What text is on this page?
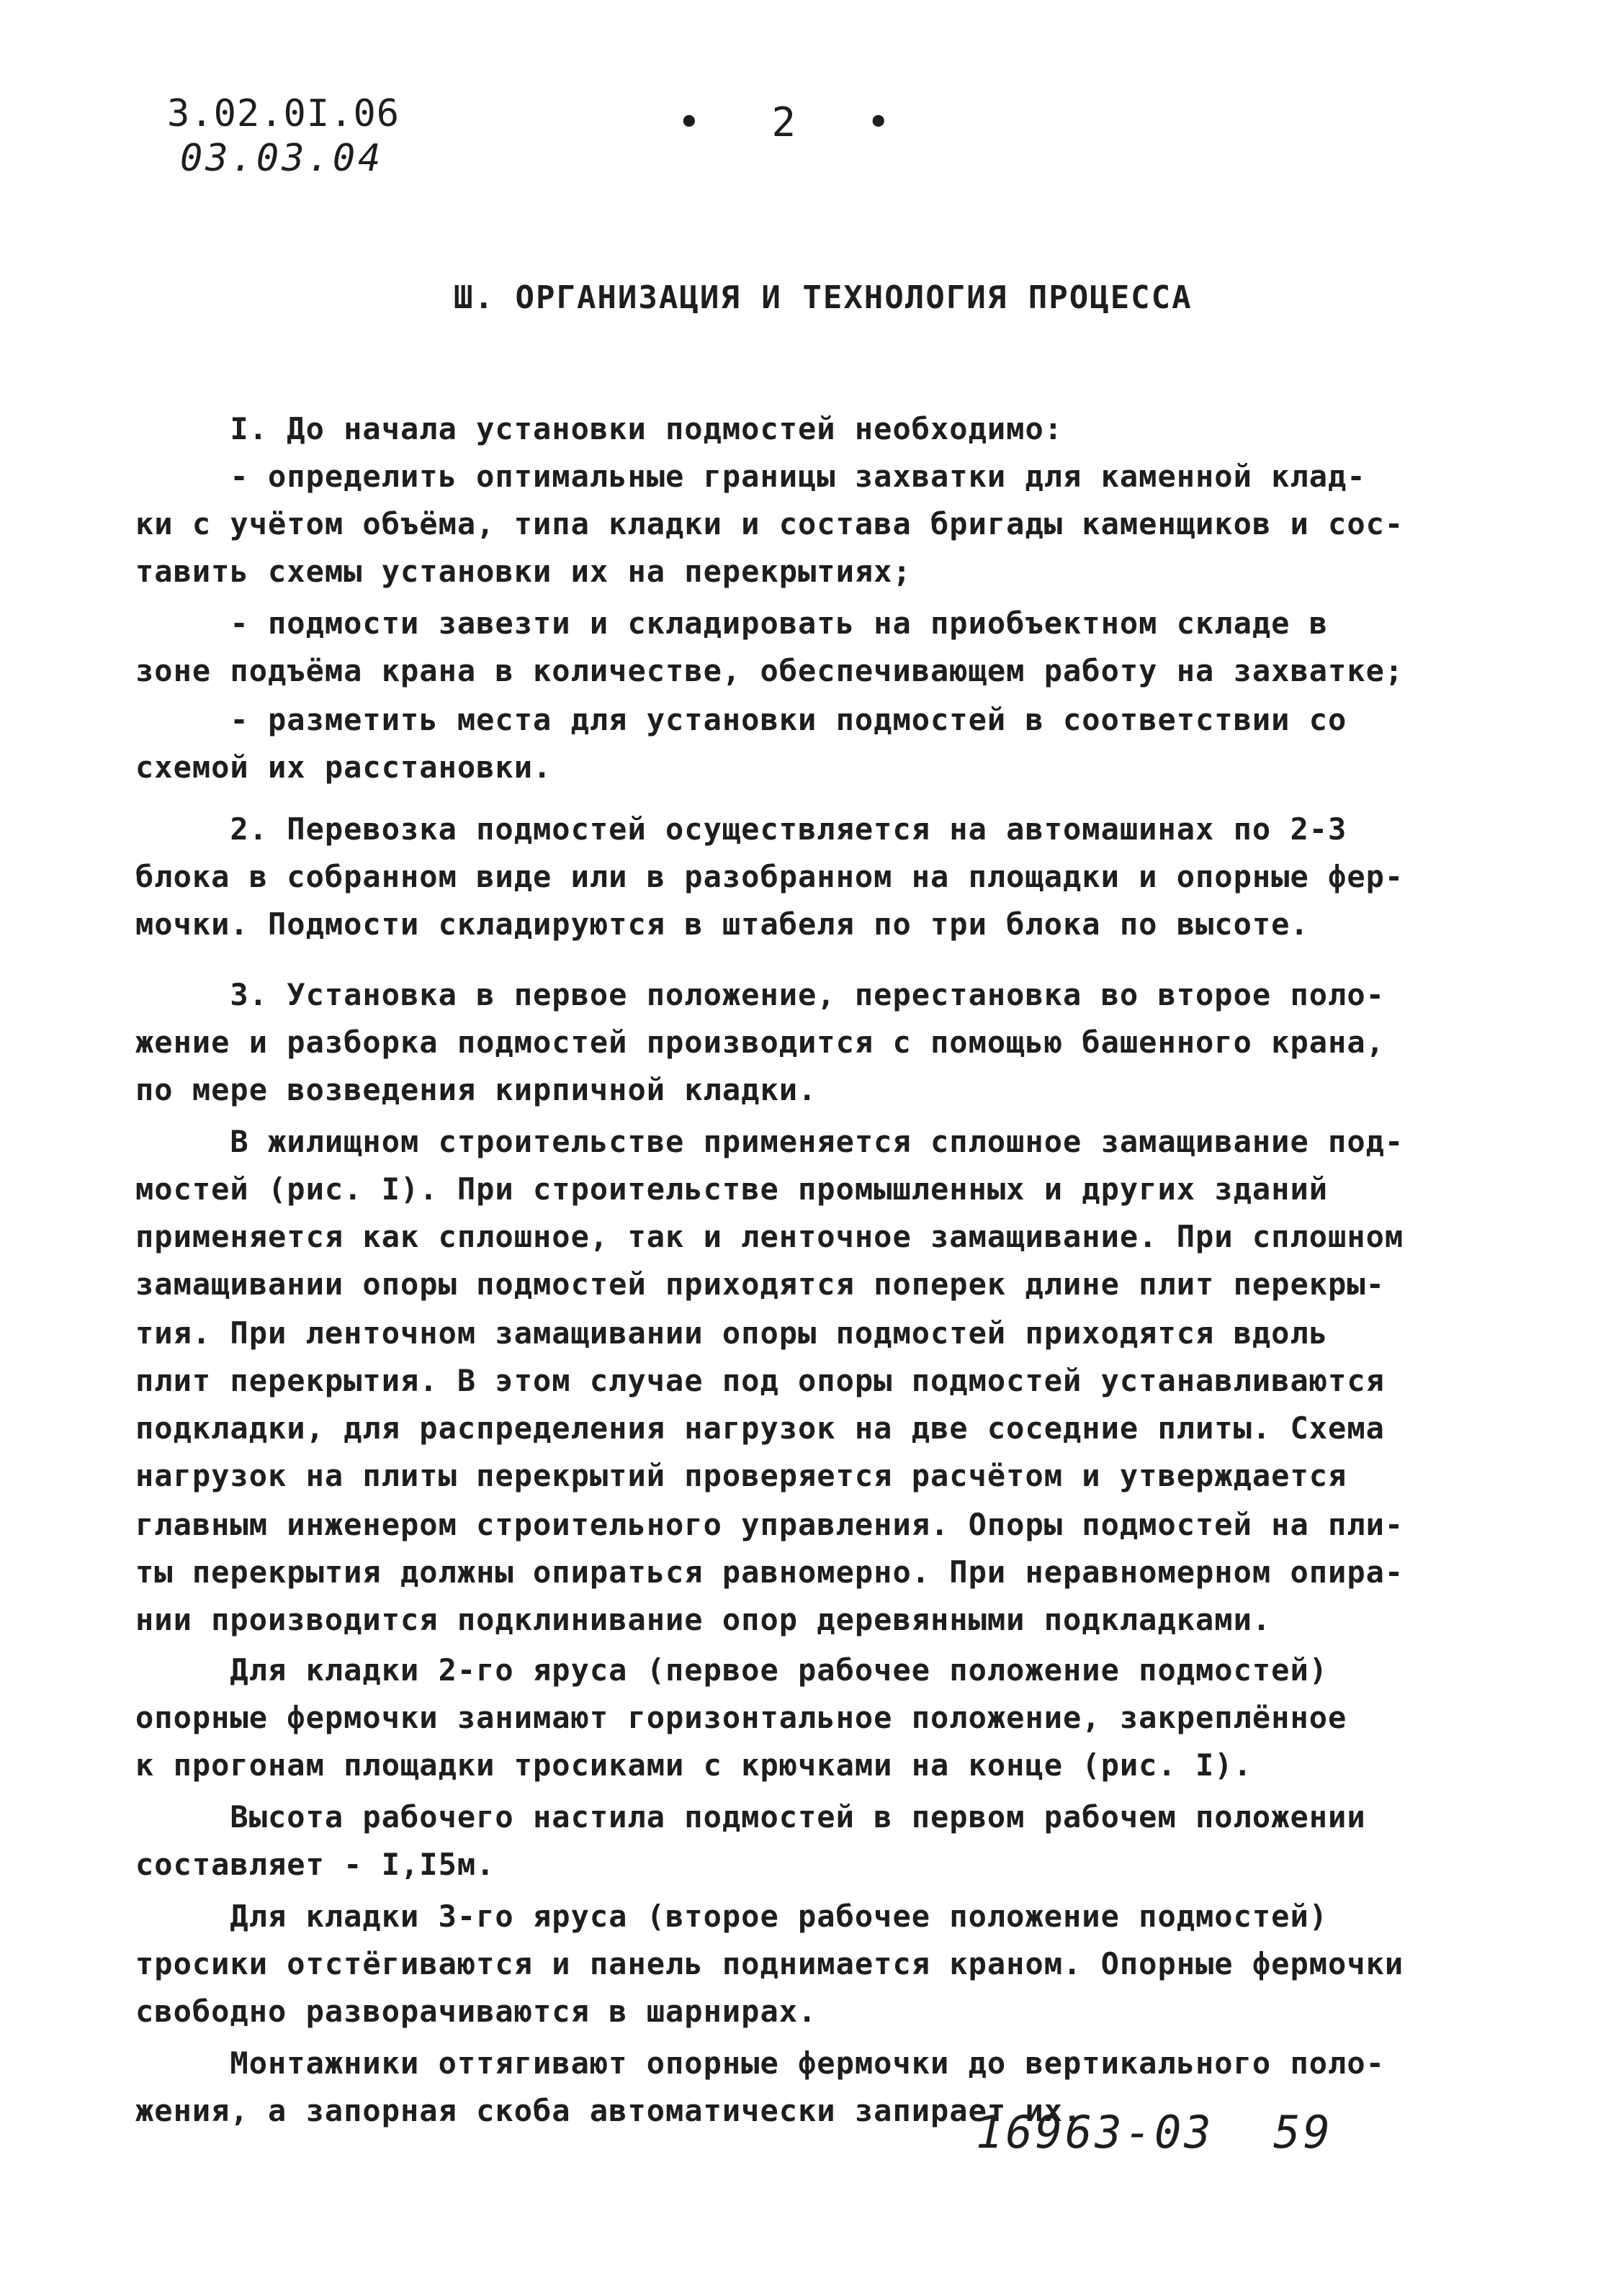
3.02.0I.06
03.03.04
• 2 •
Ш. ОРГАНИЗАЦИЯ И ТЕХНОЛОГИЯ ПРОЦЕССА
I. До начала установки подмостей необходимо:
- определить оптимальные границы захватки для каменной клад-
ки с учётом объёма, типа кладки и состава бригады каменщиков и сос-
тавить схемы установки их на перекрытиях;
- подмости завезти и складировать на приобъектном складе в
зоне подъёма крана в количестве, обеспечивающем работу на захватке;
- разметить места для установки подмостей в соответствии со
схемой их расстановки.
2. Перевозка подмостей осуществляется на автомашинах по 2-3
блока в собранном виде или в разобранном на площадки и опорные фер-
мочки. Подмости складируются в штабеля по три блока по высоте.
3. Установка в первое положение, перестановка во второе поло-
жение и разборка подмостей производится с помощью башенного крана,
по мере возведения кирпичной кладки.
В жилищном строительстве применяется сплошное замащивание под-
мостей (рис. I). При строительстве промышленных и других зданий
применяется как сплошное, так и ленточное замащивание. При сплошном
замащивании опоры подмостей приходятся поперек длине плит перекры-
тия. При ленточном замащивании опоры подмостей приходятся вдоль
плит перекрытия. В этом случае под опоры подмостей устанавливаются
подкладки, для распределения нагрузок на две соседние плиты. Схема
нагрузок на плиты перекрытий проверяется расчётом и утверждается
главным инженером строительного управления. Опоры подмостей на пли-
ты перекрытия должны опираться равномерно. При неравномерном опира-
нии производится подклинивание опор деревянными подкладками.
Для кладки 2-го яруса (первое рабочее положение подмостей)
опорные фермочки занимают горизонтальное положение, закреплённое
к прогонам площадки тросиками с крючками на конце (рис. I).
Высота рабочего настила подмостей в первом рабочем положении
составляет - I,I5м.
Для кладки 3-го яруса (второе рабочее положение подмостей)
тросики отстёгиваются и панель поднимается краном. Опорные фермочки
свободно разворачиваются в шарнирах.
Монтажники оттягивают опорные фермочки до вертикального поло-
жения, а запорная скоба автоматически запирает их.
16963-03  59
